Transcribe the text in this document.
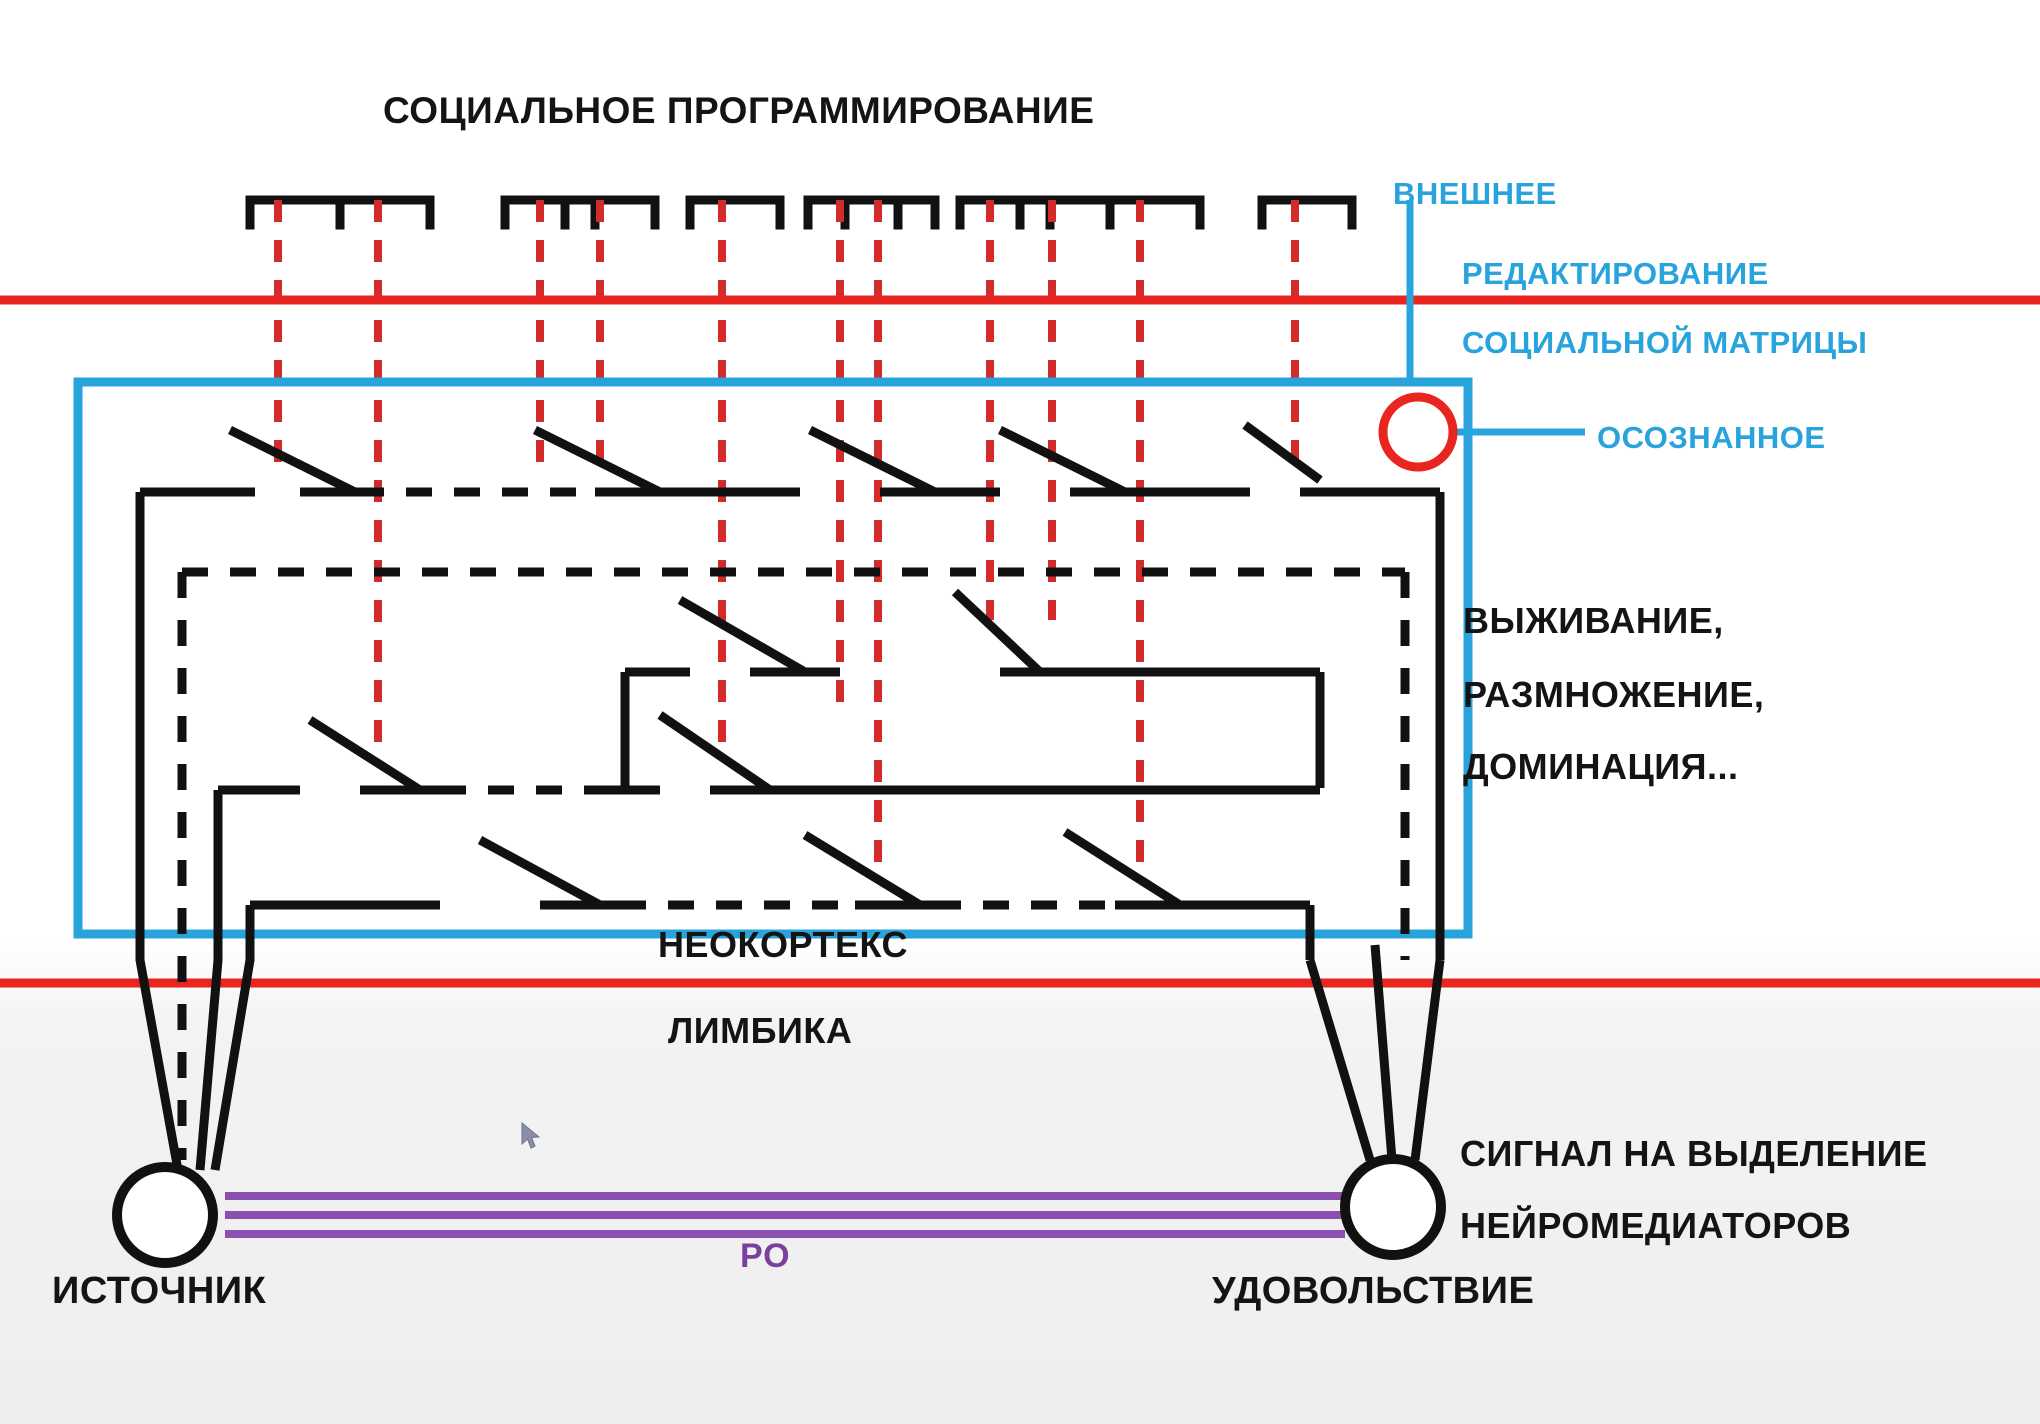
СОЦИАЛЬНОЕ ПРОГРАММИРОВАНИЕ
ВНЕШНЕЕ
РЕДАКТИРОВАНИЕ
СОЦИАЛЬНОЙ МАТРИЦЫ
ОСОЗНАННОЕ
ВЫЖИВАНИЕ,
РАЗМНОЖЕНИЕ,
ДОМИНАЦИЯ...
НЕОКОРТЕКС
ЛИМБИКА
СИГНАЛ НА ВЫДЕЛЕНИЕ
НЕЙРОМЕДИАТОРОВ
ИСТОЧНИК	УДОВОЛЬСТВИЕ
PO
